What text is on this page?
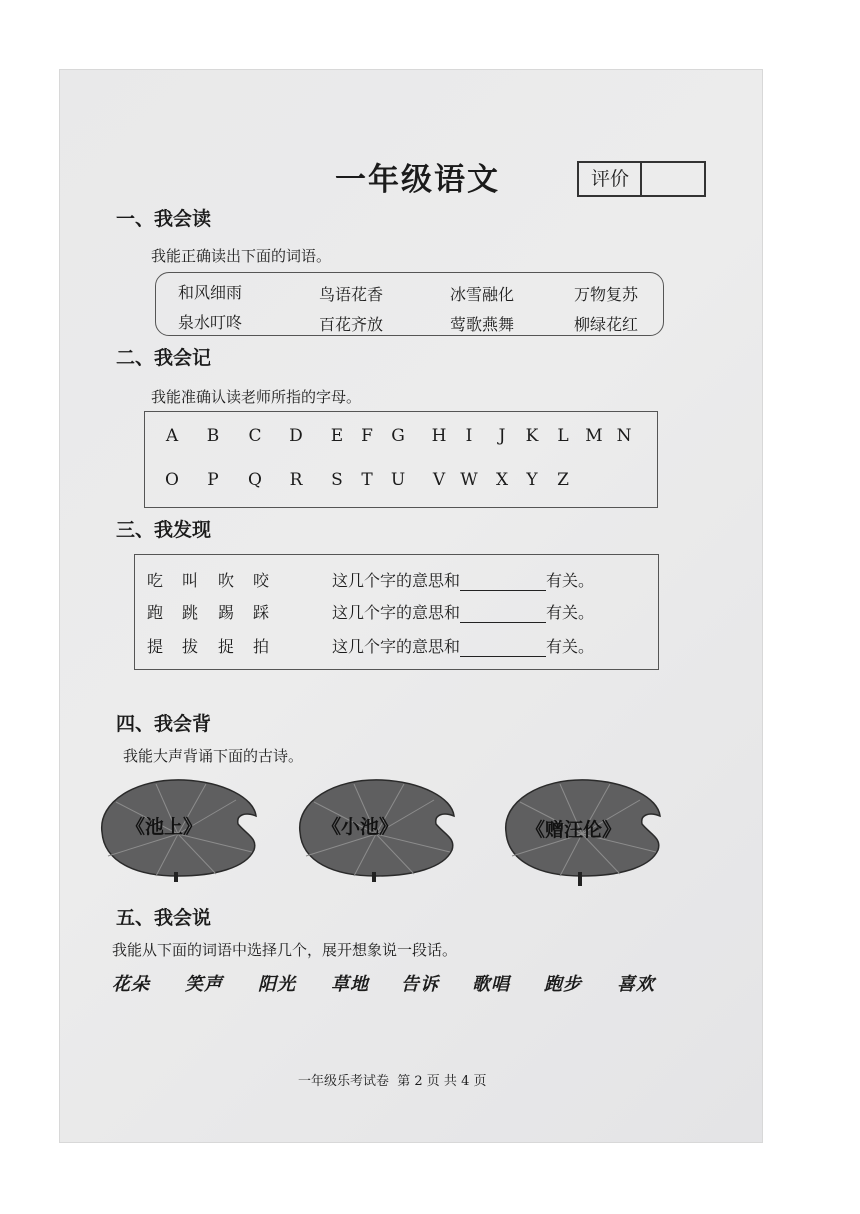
一年级语文	评价
一、我会读
我能正确读出下面的词语。
和风细雨	鸟语花香	冰雪融化	万物复苏
泉水叮咚	百花齐放	莺歌燕舞	柳绿花红
二、我会记
我能准确认读老师所指的字母。
A B C D E F G H	I	J	K L M N
O P Q R S T U V W X Y Z
三、我发现
吃 叫 吹 咬	这几个字的意思和	有关。
跑 跳 踢 踩	这几个字的意思和	有关。
提 拔 捉 拍	这几个字的意思和	有关。
四、我会背
我能大声背诵下面的古诗。
《池上》	《小池》	《赠汪伦》
五、我会说
我能从下面的词语中选择几个，展开想象说一段话。
花朵 笑声 阳光 草地 告诉 歌唱 跑步 喜欢
一年级乐考试卷  第 2 页 共 4 页
